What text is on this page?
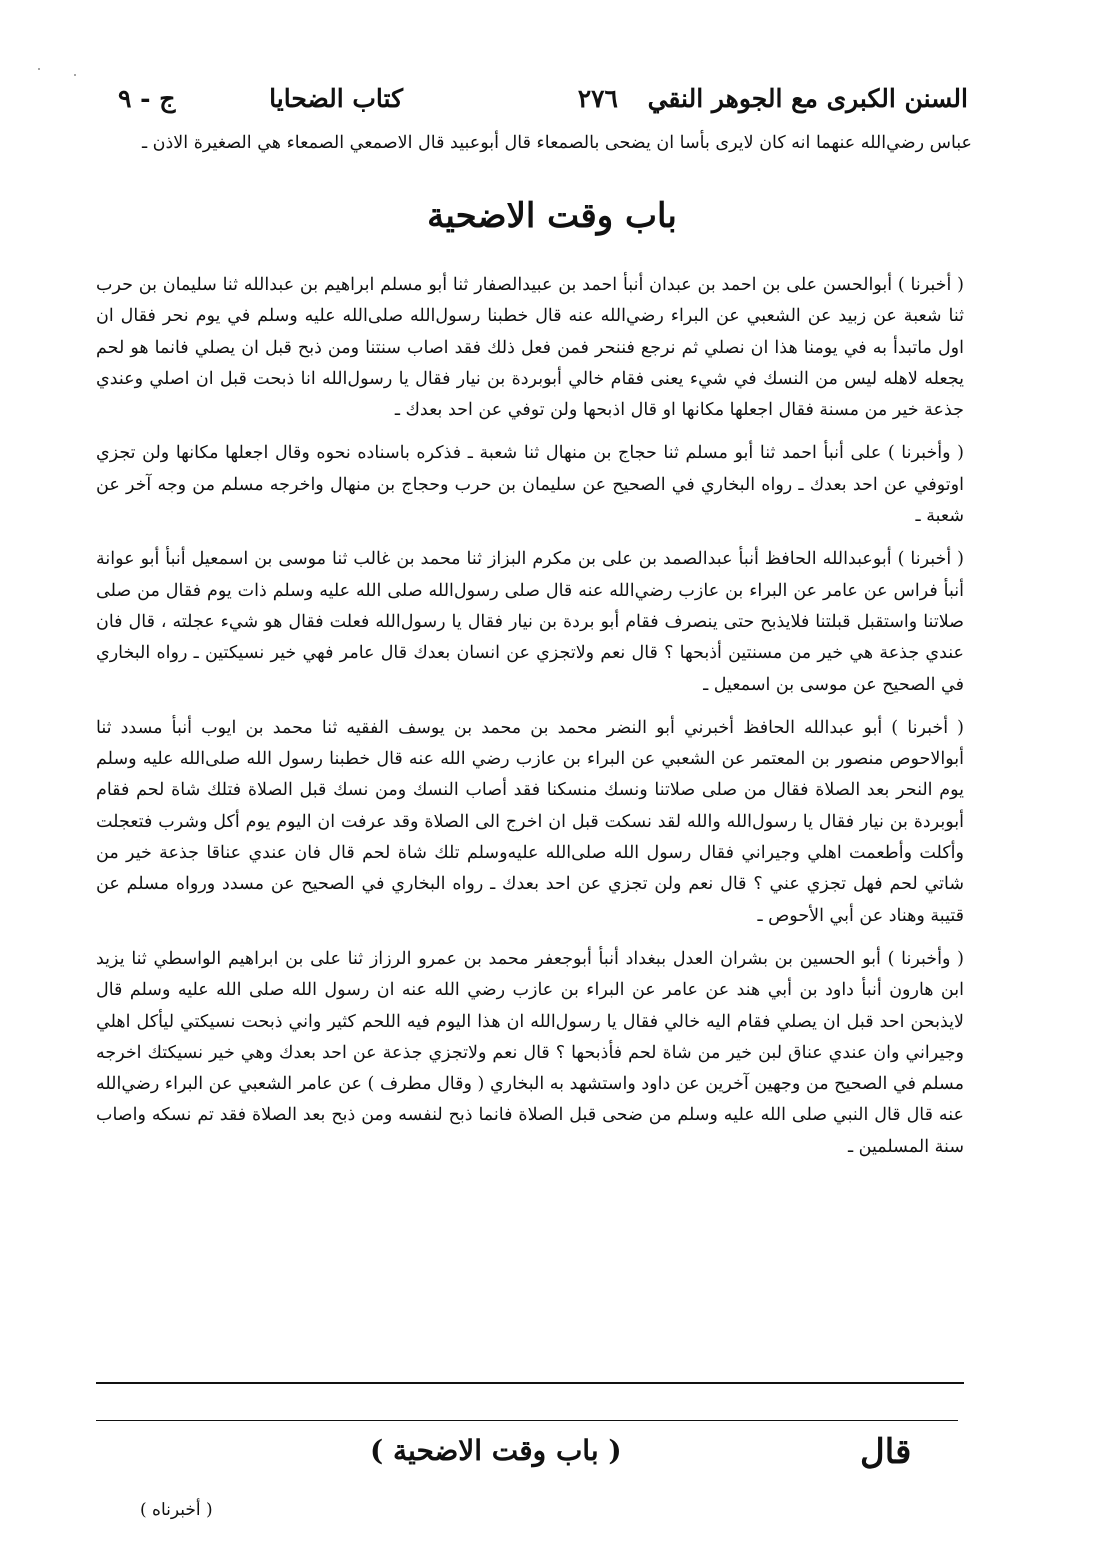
السنن الكبرى مع الجوهر النقي
٢٧٦
كتاب الضحايا
ج - ٩
عباس رضي‌الله عنهما انه كان لايرى بأسا ان يضحى بالصمعاء قال أبوعبيد قال الاصمعي الصمعاء هي الصغيرة الاذن ـ
باب وقت الاضحية

( أخبرنا ) أبوالحسن على بن احمد بن عبدان أنبأ احمد بن عبيدالصفار ثنا أبو مسلم ابراهيم بن عبدالله ثنا سليمان بن حرب ثنا شعبة عن زبيد عن الشعبي عن البراء رضي‌الله عنه قال خطبنا رسول‌الله صلى‌الله عليه وسلم في يوم نحر فقال ان اول ماتبدأ به في يومنا هذا ان نصلي ثم نرجع فننحر فمن فعل ذلك فقد اصاب سنتنا ومن ذبح قبل ان يصلي فانما هو لحم يجعله لاهله ليس من النسك في شيء يعنى فقام خالي أبوبردة بن نيار فقال يا رسول‌الله انا ذبحت قبل ان اصلي وعندي جذعة خير من مسنة فقال اجعلها مكانها او قال اذبحها ولن توفي عن احد بعدك ـ

( وأخبرنا ) على أنبأ احمد ثنا أبو مسلم ثنا حجاج بن منهال ثنا شعبة ـ فذكره باسناده نحوه وقال اجعلها مكانها ولن تجزي اوتوفي عن احد بعدك ـ رواه البخاري في الصحيح عن سليمان بن حرب وحجاج بن منهال واخرجه مسلم من وجه آخر عن شعبة ـ

( أخبرنا ) أبوعبدالله الحافظ أنبأ عبدالصمد بن على بن مكرم البزاز ثنا محمد بن غالب ثنا موسى بن اسمعيل أنبأ أبو عوانة أنبأ فراس عن عامر عن البراء بن عازب رضي‌الله عنه قال صلى رسول‌الله صلى الله عليه وسلم ذات يوم فقال من صلى صلاتنا واستقبل قبلتنا فلايذبح حتى ينصرف فقام أبو بردة بن نيار فقال يا رسول‌الله فعلت فقال هو شيء عجلته ، قال فان عندي جذعة هي خير من مسنتين أذبحها ؟ قال نعم ولاتجزي عن انسان بعدك قال عامر فهي خير نسيكتين ـ رواه البخاري في الصحيح عن موسى بن اسمعيل ـ

( أخبرنا ) أبو عبدالله الحافظ أخبرني أبو النضر محمد بن محمد بن يوسف الفقيه ثنا محمد بن ايوب أنبأ مسدد ثنا أبوالاحوص منصور بن المعتمر عن الشعبي عن البراء بن عازب رضي الله عنه قال خطبنا رسول الله صلى‌الله عليه وسلم يوم النحر بعد الصلاة فقال من صلى صلاتنا ونسك منسكنا فقد أصاب النسك ومن نسك قبل الصلاة فتلك شاة لحم فقام أبوبردة بن نيار فقال يا رسول‌الله والله لقد نسكت قبل ان اخرج الى الصلاة وقد عرفت ان اليوم يوم أكل وشرب فتعجلت وأكلت وأطعمت اهلي وجيراني فقال رسول الله صلى‌الله عليه‌وسلم تلك شاة لحم قال فان عندي عناقا جذعة خير من شاتي لحم فهل تجزي عني ؟ قال نعم ولن تجزي عن احد بعدك ـ رواه البخاري في الصحيح عن مسدد ورواه مسلم عن قتيبة وهناد عن أبي الأحوص ـ

( وأخبرنا ) أبو الحسين بن بشران العدل ببغداد أنبأ أبوجعفر محمد بن عمرو الرزاز ثنا على بن ابراهيم الواسطي ثنا يزيد ابن هارون أنبأ داود بن أبي هند عن عامر عن البراء بن عازب رضي الله عنه ان رسول الله صلى الله عليه وسلم قال لايذبحن احد قبل ان يصلي فقام اليه خالي فقال يا رسول‌الله ان هذا اليوم فيه اللحم كثير واني ذبحت نسيكتي ليأكل اهلي وجيراني وان عندي عناق لبن خير من شاة لحم فأذبحها ؟ قال نعم ولاتجزي جذعة عن احد بعدك وهي خير نسيكتك اخرجه مسلم في الصحيح من وجهين آخرين عن داود واستشهد به البخاري ( وقال مطرف ) عن عامر الشعبي عن البراء رضي‌الله عنه قال قال النبي صلى الله عليه وسلم من ضحى قبل الصلاة فانما ذبح لنفسه ومن ذبح بعد الصلاة فقد تم نسكه واصاب سنة المسلمين ـ

قال
( باب وقت الاضحية )
( أخبرناه )
